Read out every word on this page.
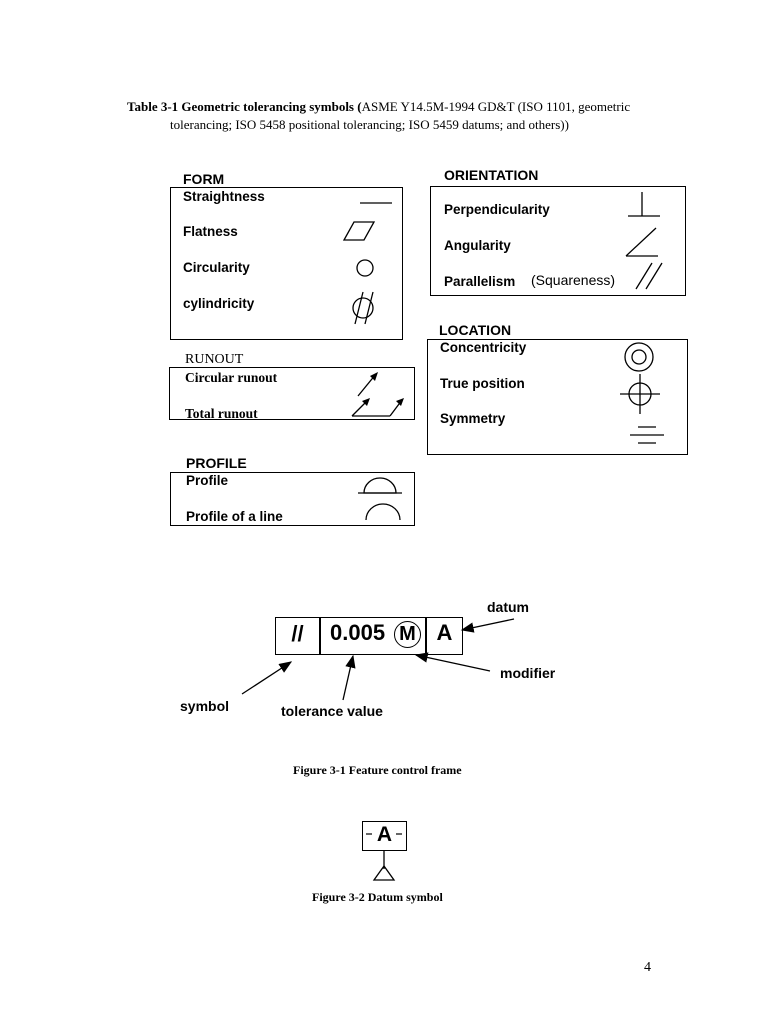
Table 3-1 Geometric tolerancing symbols (ASME Y14.5M-1994 GD&T (ISO 1101, geometric
tolerancing; ISO 5458 positional tolerancing; ISO 5459 datums; and others))
FORM
Straightness
Flatness
Circularity
cylindricity
ORIENTATION
Perpendicularity
Angularity
Parallelism (Squareness)
RUNOUT
Circular runout
Total runout
LOCATION
Concentricity
True position
Symmetry
PROFILE
Profile
Profile of a line
//	0.005 M A
datum
modifier
symbol	tolerance value
Figure 3-1 Feature control frame
A
Figure 3-2 Datum symbol
4
